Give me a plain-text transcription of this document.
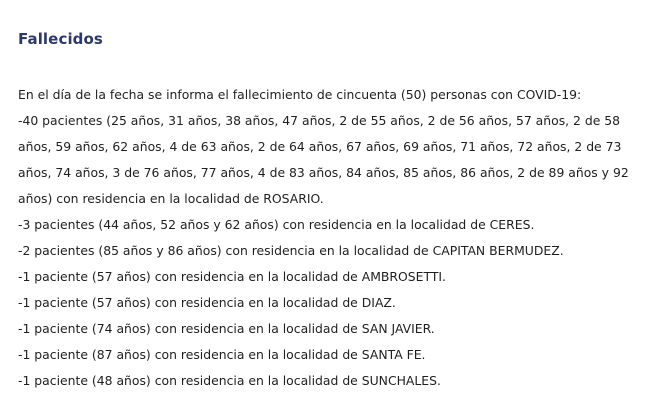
Fallecidos

En el día de la fecha se informa el fallecimiento de cincuenta (50) personas con COVID-19:

-40 pacientes (25 años, 31 años, 38 años, 47 años, 2 de 55 años, 2 de 56 años, 57 años, 2 de 58 años, 59 años, 62 años, 4 de 63 años, 2 de 64 años, 67 años, 69 años, 71 años, 72 años, 2 de 73 años, 74 años, 3 de 76 años, 77 años, 4 de 83 años, 84 años, 85 años, 86 años, 2 de 89 años y 92 años) con residencia en la localidad de ROSARIO.

-3 pacientes (44 años, 52 años y 62 años) con residencia en la localidad de CERES.

-2 pacientes (85 años y 86 años) con residencia en la localidad de CAPITAN BERMUDEZ.

-1 paciente (57 años) con residencia en la localidad de AMBROSETTI.

-1 paciente (57 años) con residencia en la localidad de DIAZ.

-1 paciente (74 años) con residencia en la localidad de SAN JAVIER.

-1 paciente (87 años) con residencia en la localidad de SANTA FE.

-1 paciente (48 años) con residencia en la localidad de SUNCHALES.
